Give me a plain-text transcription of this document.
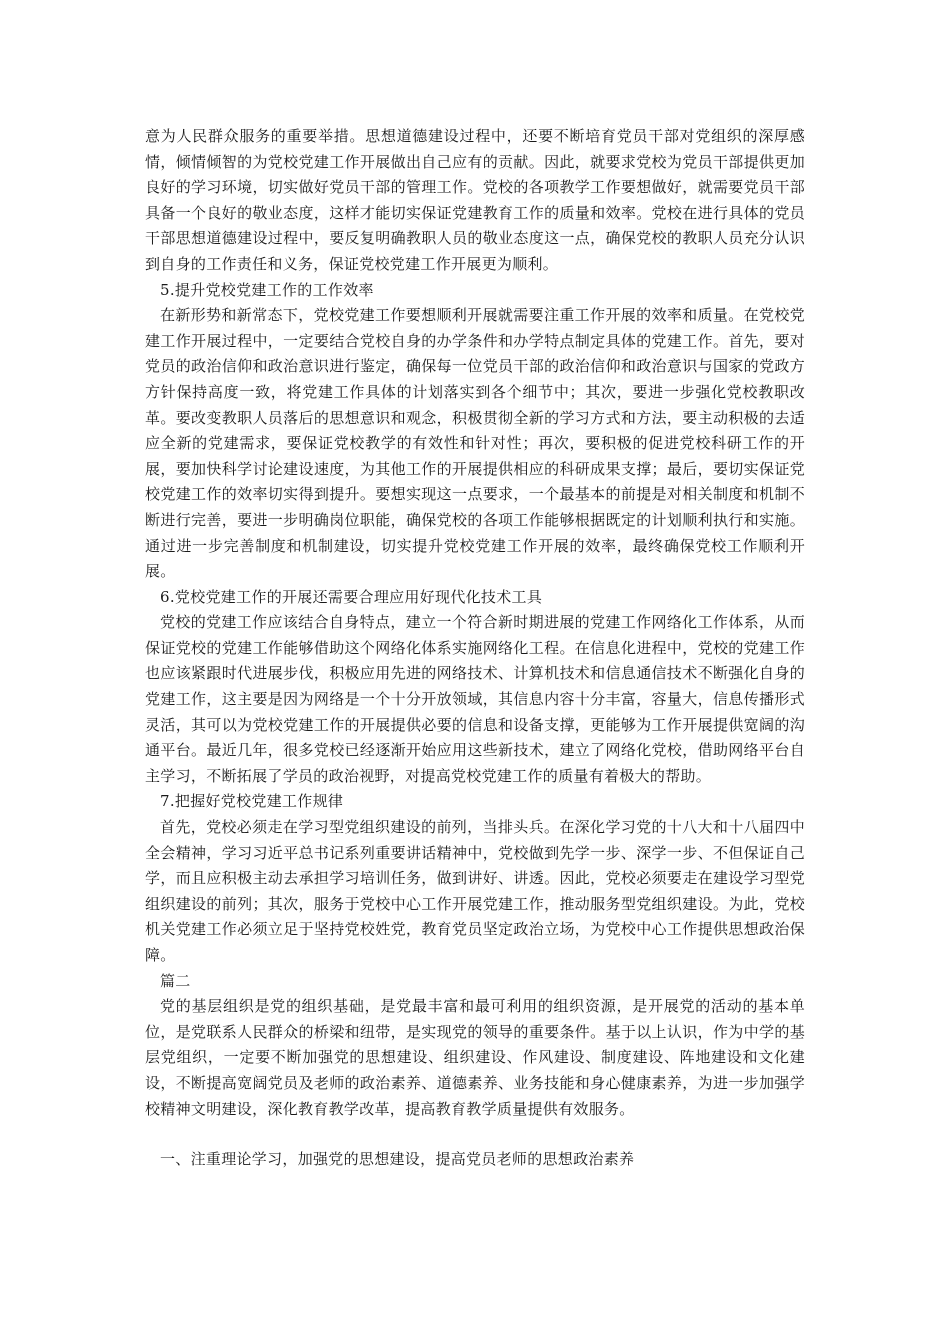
意为人民群众服务的重要举措。思想道德建设过程中，还要不断培育党员干部对党组织的深厚感情，倾情倾智的为党校党建工作开展做出自己应有的贡献。因此，就要求党校为党员干部提供更加良好的学习环境，切实做好党员干部的管理工作。党校的各项教学工作要想做好，就需要党员干部具备一个良好的敬业态度，这样才能切实保证党建教育工作的质量和效率。党校在进行具体的党员干部思想道德建设过程中，要反复明确教职人员的敬业态度这一点，确保党校的教职人员充分认识到自身的工作责任和义务，保证党校党建工作开展更为顺利。

5.提升党校党建工作的工作效率

在新形势和新常态下，党校党建工作要想顺利开展就需要注重工作开展的效率和质量。在党校党建工作开展过程中，一定要结合党校自身的办学条件和办学特点制定具体的党建工作。首先，要对党员的政治信仰和政治意识进行鉴定，确保每一位党员干部的政治信仰和政治意识与国家的党政方方针保持高度一致，将党建工作具体的计划落实到各个细节中；其次，要进一步强化党校教职改革。要改变教职人员落后的思想意识和观念，积极贯彻全新的学习方式和方法，要主动积极的去适应全新的党建需求，要保证党校教学的有效性和针对性；再次，要积极的促进党校科研工作的开展，要加快科学讨论建设速度，为其他工作的开展提供相应的科研成果支撑；最后，要切实保证党校党建工作的效率切实得到提升。要想实现这一点要求，一个最基本的前提是对相关制度和机制不断进行完善，要进一步明确岗位职能，确保党校的各项工作能够根据既定的计划顺利执行和实施。通过进一步完善制度和机制建设，切实提升党校党建工作开展的效率，最终确保党校工作顺利开展。

6.党校党建工作的开展还需要合理应用好现代化技术工具

党校的党建工作应该结合自身特点，建立一个符合新时期进展的党建工作网络化工作体系，从而保证党校的党建工作能够借助这个网络化体系实施网络化工程。在信息化进程中，党校的党建工作也应该紧跟时代进展步伐，积极应用先进的网络技术、计算机技术和信息通信技术不断强化自身的党建工作，这主要是因为网络是一个十分开放领域，其信息内容十分丰富，容量大，信息传播形式灵活，其可以为党校党建工作的开展提供必要的信息和设备支撑，更能够为工作开展提供宽阔的沟通平台。最近几年，很多党校已经逐渐开始应用这些新技术，建立了网络化党校，借助网络平台自主学习，不断拓展了学员的政治视野，对提高党校党建工作的质量有着极大的帮助。

7.把握好党校党建工作规律

首先，党校必须走在学习型党组织建设的前列，当排头兵。在深化学习党的十八大和十八届四中全会精神，学习习近平总书记系列重要讲话精神中，党校做到先学一步、深学一步、不但保证自己学，而且应积极主动去承担学习培训任务，做到讲好、讲透。因此，党校必须要走在建设学习型党组织建设的前列；其次，服务于党校中心工作开展党建工作，推动服务型党组织建设。为此，党校机关党建工作必须立足于坚持党校姓党，教育党员坚定政治立场，为党校中心工作提供思想政治保障。

篇二

党的基层组织是党的组织基础，是党最丰富和最可利用的组织资源，是开展党的活动的基本单位，是党联系人民群众的桥梁和纽带，是实现党的领导的重要条件。基于以上认识，作为中学的基层党组织，一定要不断加强党的思想建设、组织建设、作风建设、制度建设、阵地建设和文化建设，不断提高宽阔党员及老师的政治素养、道德素养、业务技能和身心健康素养，为进一步加强学校精神文明建设，深化教育教学改革，提高教育教学质量提供有效服务。

一、注重理论学习，加强党的思想建设，提高党员老师的思想政治素养
